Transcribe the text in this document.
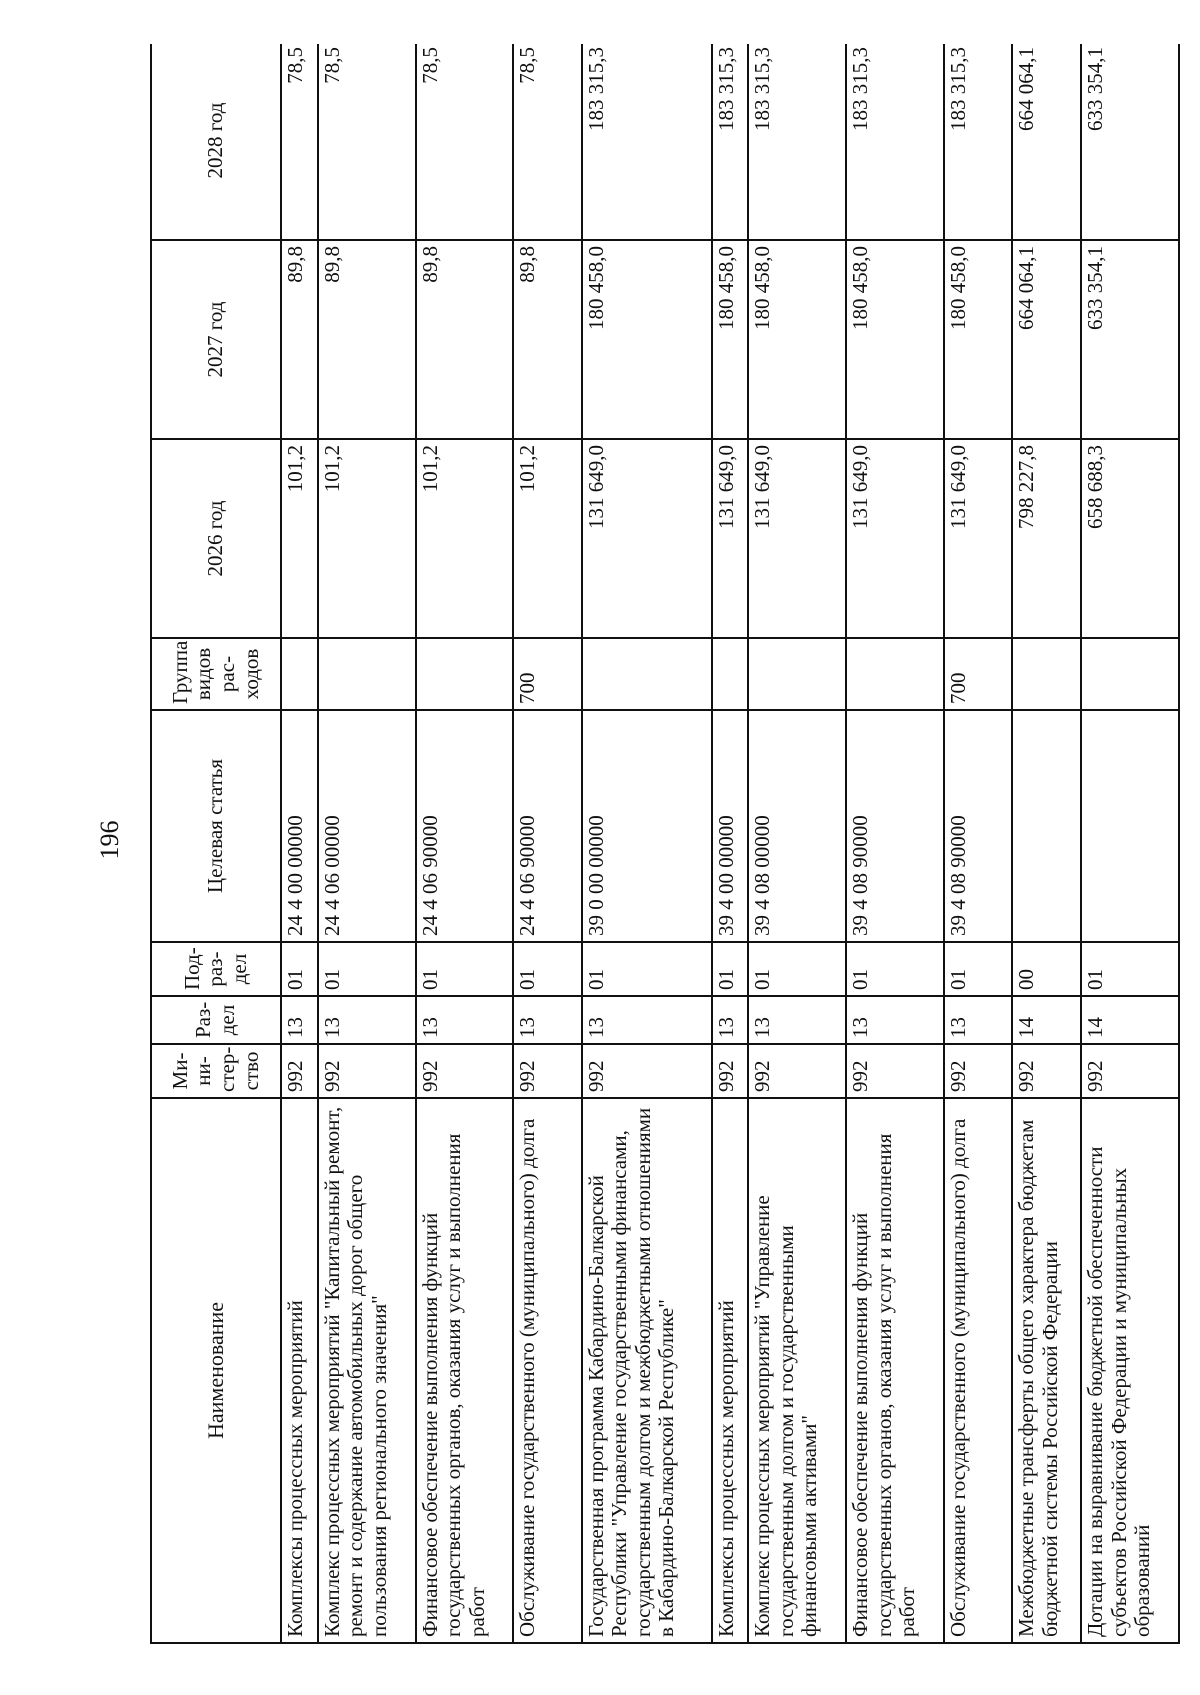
196
Наименование	Ми-ни-стер-ство	Раз-дел	Под-раз-дел	Целевая статья	Группа видов рас-ходов	2026 год	2027 год	2028 год
Комплексы процессных мероприятий	992	13	01	24 4 00 00000		101,2	89,8	78,5
Комплекс процессных мероприятий "Капитальный ремонт, ремонт и содержание автомобильных дорог общего пользования регионального значения"	992	13	01	24 4 06 00000		101,2	89,8	78,5
Финансовое обеспечение выполнения функций государственных органов, оказания услуг и выполнения работ	992	13	01	24 4 06 90000		101,2	89,8	78,5
Обслуживание государственного (муниципального) долга	992	13	01	24 4 06 90000	700	101,2	89,8	78,5
Государственная программа Кабардино-Балкарской Республики "Управление государственными финансами, государственным долгом и межбюджетными отношениями в Кабардино-Балкарской Республике"	992	13	01	39 0 00 00000		131 649,0	180 458,0	183 315,3
Комплексы процессных мероприятий	992	13	01	39 4 00 00000		131 649,0	180 458,0	183 315,3
Комплекс процессных мероприятий "Управление государственным долгом и государственными финансовыми активами"	992	13	01	39 4 08 00000		131 649,0	180 458,0	183 315,3
Финансовое обеспечение выполнения функций государственных органов, оказания услуг и выполнения работ	992	13	01	39 4 08 90000		131 649,0	180 458,0	183 315,3
Обслуживание государственного (муниципального) долга	992	13	01	39 4 08 90000	700	131 649,0	180 458,0	183 315,3
Межбюджетные трансферты общего характера бюджетам бюджетной системы Российской Федерации	992	14	00			798 227,8	664 064,1	664 064,1
Дотации на выравнивание бюджетной обеспеченности субъектов Российской Федерации и муниципальных образований	992	14	01			658 688,3	633 354,1	633 354,1
